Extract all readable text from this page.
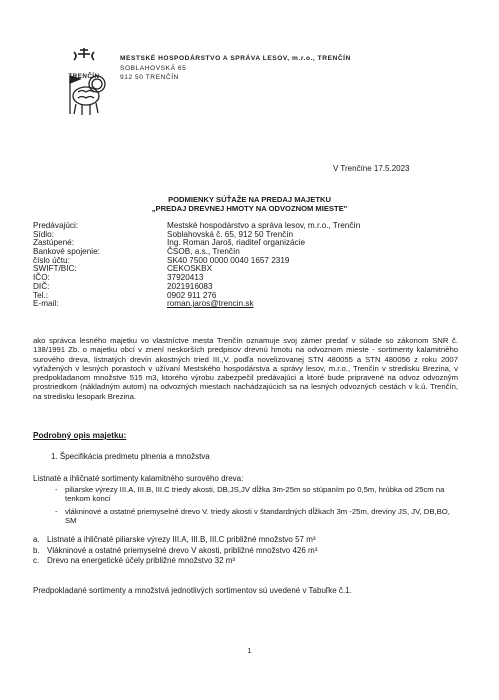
TRENČÍN
MESTSKÉ HOSPODÁRSTVO A SPRÁVA LESOV, m.r.o., TRENČÍN
SOBLAHOVSKÁ 65
912 50 TRENČÍN
V Trenčíne 17.5.2023
PODMIENKY SÚŤAŽE NA PREDAJ MAJETKU
„PREDAJ DREVNEJ HMOTY NA ODVOZNOM MIESTE"
Predávajúci:	Mestské hospodárstvo a správa lesov, m.r.o., Trenčín
Sídlo:	Soblahovská č. 65, 912 50 Trenčín
Zastúpené:	Ing. Roman Jaroš, riaditeľ organizácie
Bankové spojenie:	ČSOB, a.s., Trenčín
číslo účtu:	SK40 7500 0000 0040 1657 2319
SWIFT/BIC:	CEKOSKBX
IČO:	37920413
DIČ:	2021916083
Tel.:	0902 911 276
E-mail:	roman.jaros@trencin.sk

ako správca lesného majetku vo vlastníctve mesta Trenčín oznamuje svoj zámer predať v súlade so zákonom SNR č. 138/1991 Zb. o majetku obcí v znení neskorších predpisov drevnú hmotu na odvoznom mieste - sortimenty kalamitného surového dreva, listnatých drevín akostných tried III.,V. podľa novelizovanej STN 480055 a STN 480056 z roku 2007 vyťažených v lesných porastoch v užívaní Mestského hospodárstva a správy lesov, m.r.o., Trenčín v stredisku Brezina, v predpokladanom množstve 515 m3, ktorého výrobu zabezpečil predávajúci a ktoré bude pripravené na odvoz odvozným prostriedkom (nákladným autom) na odvozných miestach nachádzajúcich sa na lesných odvozných cestách v k.ú. Trenčín, na stredisku lesopark Brezina.

Podrobný opis majetku:
1. Špecifikácia predmetu plnenia a množstva
Listnaté a ihličnaté sortimenty kalamitného surového dreva:
- piliarske výrezy III.A, III.B, III.C triedy akosti, DB,JS,JV dĺžka 3m-25m so stúpaním po 0,5m, hrúbka od 25cm na tenkom konci
- vlákninové a ostatné priemyselné drevo V. triedy akosti v štandardných dĺžkach 3m -25m, dreviny JS, JV, DB,BO, SM
a. Listnaté a ihličnaté piliarske výrezy III.A, III.B, III.C približné množstvo 57 m³
b. Vlákninové a ostatné priemyselné drevo V akosti, približné množstvo 426 m³
c. Drevo na energetické účely približné množstvo 32 m³
Predpokladané sortimenty a množstvá jednotlivých sortimentov sú uvedené v Tabuľke č.1.
1
